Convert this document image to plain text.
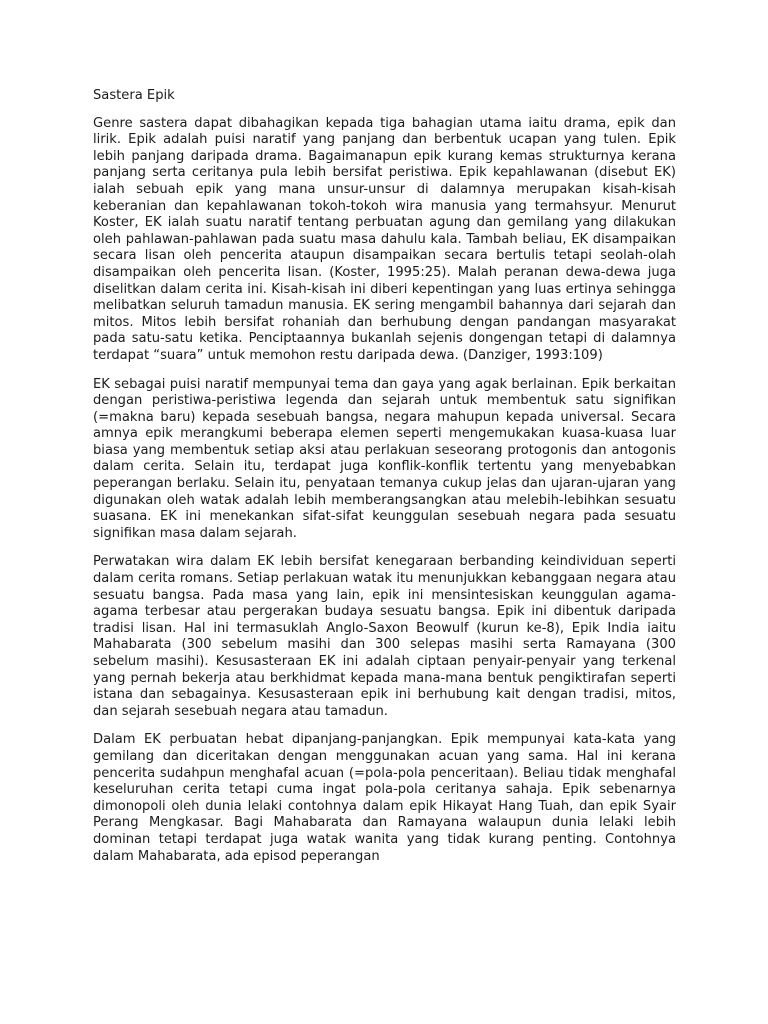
Sastera Epik

Genre sastera dapat dibahagikan kepada tiga bahagian utama iaitu drama, epik dan lirik. Epik adalah puisi naratif yang panjang dan berbentuk ucapan yang tulen. Epik lebih panjang daripada drama. Bagaimanapun epik kurang kemas strukturnya kerana panjang serta ceritanya pula lebih bersifat peristiwa. Epik kepahlawanan (disebut EK) ialah sebuah epik yang mana unsur-unsur di dalamnya merupakan kisah-kisah keberanian dan kepahlawanan tokoh-tokoh wira manusia yang termahsyur. Menurut Koster, EK ialah suatu naratif tentang perbuatan agung dan gemilang yang dilakukan oleh pahlawan-pahlawan pada suatu masa dahulu kala. Tambah beliau, EK disampaikan secara lisan oleh pencerita ataupun disampaikan secara bertulis tetapi seolah-olah disampaikan oleh pencerita lisan. (Koster, 1995:25). Malah peranan dewa-dewa juga diselitkan dalam cerita ini. Kisah-kisah ini diberi kepentingan yang luas ertinya sehingga melibatkan seluruh tamadun manusia. EK sering mengambil bahannya dari sejarah dan mitos. Mitos lebih bersifat rohaniah dan berhubung dengan pandangan masyarakat pada satu-satu ketika. Penciptaannya bukanlah sejenis dongengan tetapi di dalamnya terdapat “suara” untuk memohon restu daripada dewa. (Danziger, 1993:109)

EK sebagai puisi naratif mempunyai tema dan gaya yang agak berlainan. Epik berkaitan dengan peristiwa-peristiwa legenda dan sejarah untuk membentuk satu signifikan (=makna baru) kepada sesebuah bangsa, negara mahupun kepada universal. Secara amnya epik merangkumi beberapa elemen seperti mengemukakan kuasa-kuasa luar biasa yang membentuk setiap aksi atau perlakuan seseorang protogonis dan antogonis dalam cerita. Selain itu, terdapat juga konflik-konflik tertentu yang menyebabkan peperangan berlaku. Selain itu, penyataan temanya cukup jelas dan ujaran-ujaran yang digunakan oleh watak adalah lebih memberangsangkan atau melebih-lebihkan sesuatu suasana. EK ini menekankan sifat-sifat keunggulan sesebuah negara pada sesuatu signifikan masa dalam sejarah.

Perwatakan wira dalam EK lebih bersifat kenegaraan berbanding keindividuan seperti dalam cerita romans. Setiap perlakuan watak itu menunjukkan kebanggaan negara atau sesuatu bangsa. Pada masa yang lain, epik ini mensintesiskan keunggulan agama-agama terbesar atau pergerakan budaya sesuatu bangsa. Epik ini dibentuk daripada tradisi lisan. Hal ini termasuklah Anglo-Saxon Beowulf (kurun ke-8), Epik India iaitu Mahabarata (300 sebelum masihi dan 300 selepas masihi serta Ramayana (300 sebelum masihi). Kesusasteraan EK ini adalah ciptaan penyair-penyair yang terkenal yang pernah bekerja atau berkhidmat kepada mana-mana bentuk pengiktirafan seperti istana dan sebagainya. Kesusasteraan epik ini berhubung kait dengan tradisi, mitos, dan sejarah sesebuah negara atau tamadun.

Dalam EK perbuatan hebat dipanjang-panjangkan. Epik mempunyai kata-kata yang gemilang dan diceritakan dengan menggunakan acuan yang sama. Hal ini kerana pencerita sudahpun menghafal acuan (=pola-pola penceritaan). Beliau tidak menghafal keseluruhan cerita tetapi cuma ingat pola-pola ceritanya sahaja. Epik sebenarnya dimonopoli oleh dunia lelaki contohnya dalam epik Hikayat Hang Tuah, dan epik Syair Perang Mengkasar. Bagi Mahabarata dan Ramayana walaupun dunia lelaki lebih dominan tetapi terdapat juga watak wanita yang tidak kurang penting. Contohnya dalam Mahabarata, ada episod peperangan
